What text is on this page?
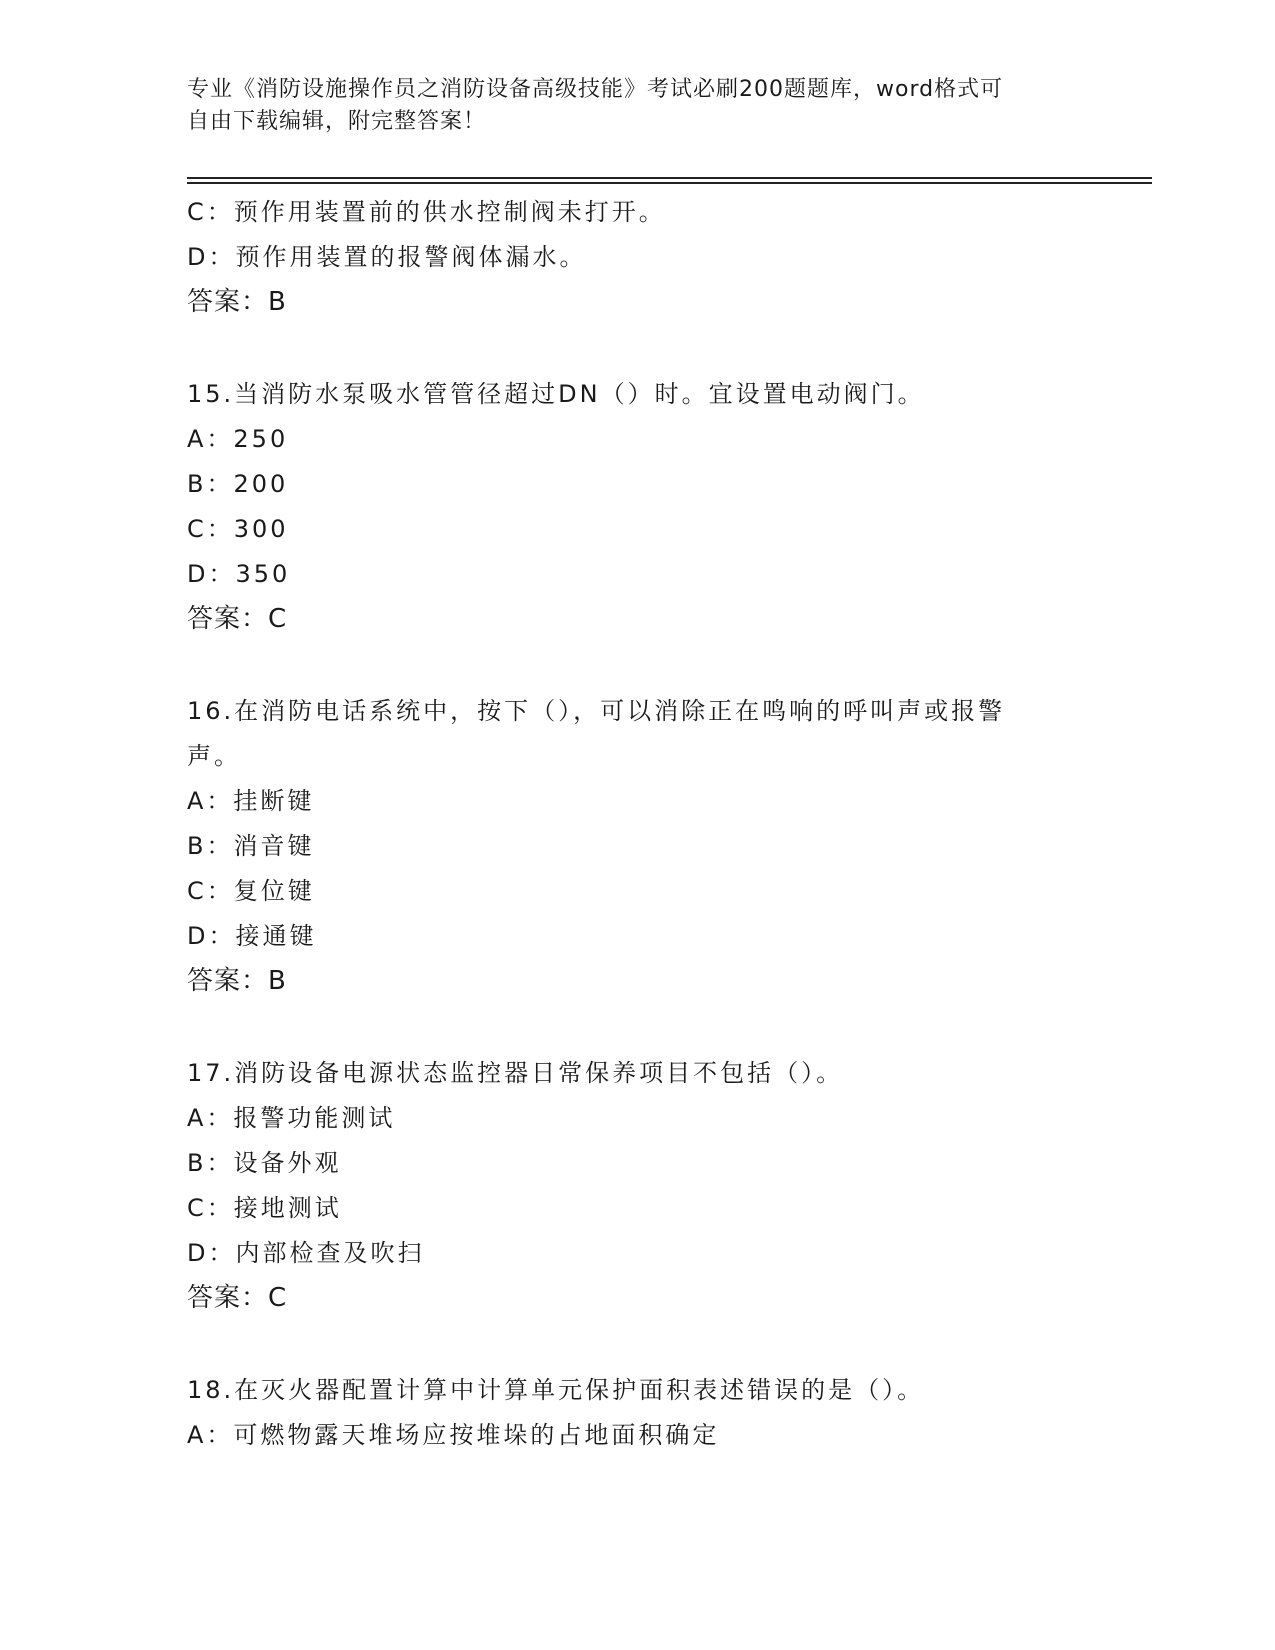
专业《消防设施操作员之消防设备高级技能》考试必刷200题题库，word格式可
自由下载编辑，附完整答案！
C：预作用装置前的供水控制阀未打开。
D：预作用装置的报警阀体漏水。
答案：B
15.当消防水泵吸水管管径超过DN（）时。宜设置电动阀门。
A：250
B：200
C：300
D：350
答案：C
16.在消防电话系统中，按下（），可以消除正在鸣响的呼叫声或报警
声。
A：挂断键
B：消音键
C：复位键
D：接通键
答案：B
17.消防设备电源状态监控器日常保养项目不包括（）。
A：报警功能测试
B：设备外观
C：接地测试
D：内部检查及吹扫
答案：C
18.在灭火器配置计算中计算单元保护面积表述错误的是（）。
A：可燃物露天堆场应按堆垛的占地面积确定
